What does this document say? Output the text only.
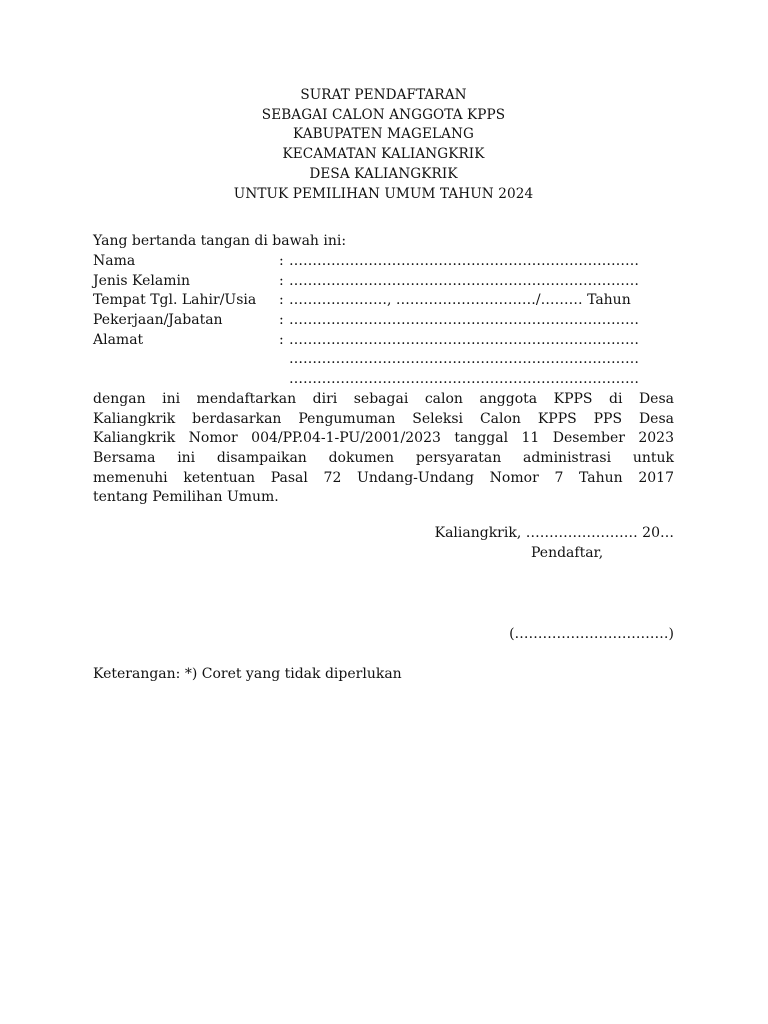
SURAT PENDAFTARAN
SEBAGAI CALON ANGGOTA KPPS
KABUPATEN MAGELANG
KECAMATAN KALIANGKRIK
DESA KALIANGKRIK
UNTUK PEMILIHAN UMUM TAHUN 2024
Yang bertanda tangan di bawah ini:
Nama	: …………………………………………………………………
Jenis Kelamin	: …………………………………………………………………
Tempat Tgl. Lahir/Usia	: …………………, …………………………/……… Tahun
Pekerjaan/Jabatan	: …………………………………………………………………
Alamat	: …………………………………………………………………
…………………………………………………………………
…………………………………………………………………

dengan ini mendaftarkan diri sebagai calon anggota KPPS di Desa
Kaliangkrik berdasarkan Pengumuman Seleksi Calon KPPS PPS Desa
Kaliangkrik Nomor 004/PP.04-1-PU/2001/2023 tanggal 11 Desember 2023
Bersama ini disampaikan dokumen persyaratan administrasi untuk
memenuhi ketentuan Pasal 72 Undang-Undang Nomor 7 Tahun 2017
tentang Pemilihan Umum.

Kaliangkrik, …………………… 20…
Pendaftar,
(……………………………)
Keterangan: *) Coret yang tidak diperlukan
